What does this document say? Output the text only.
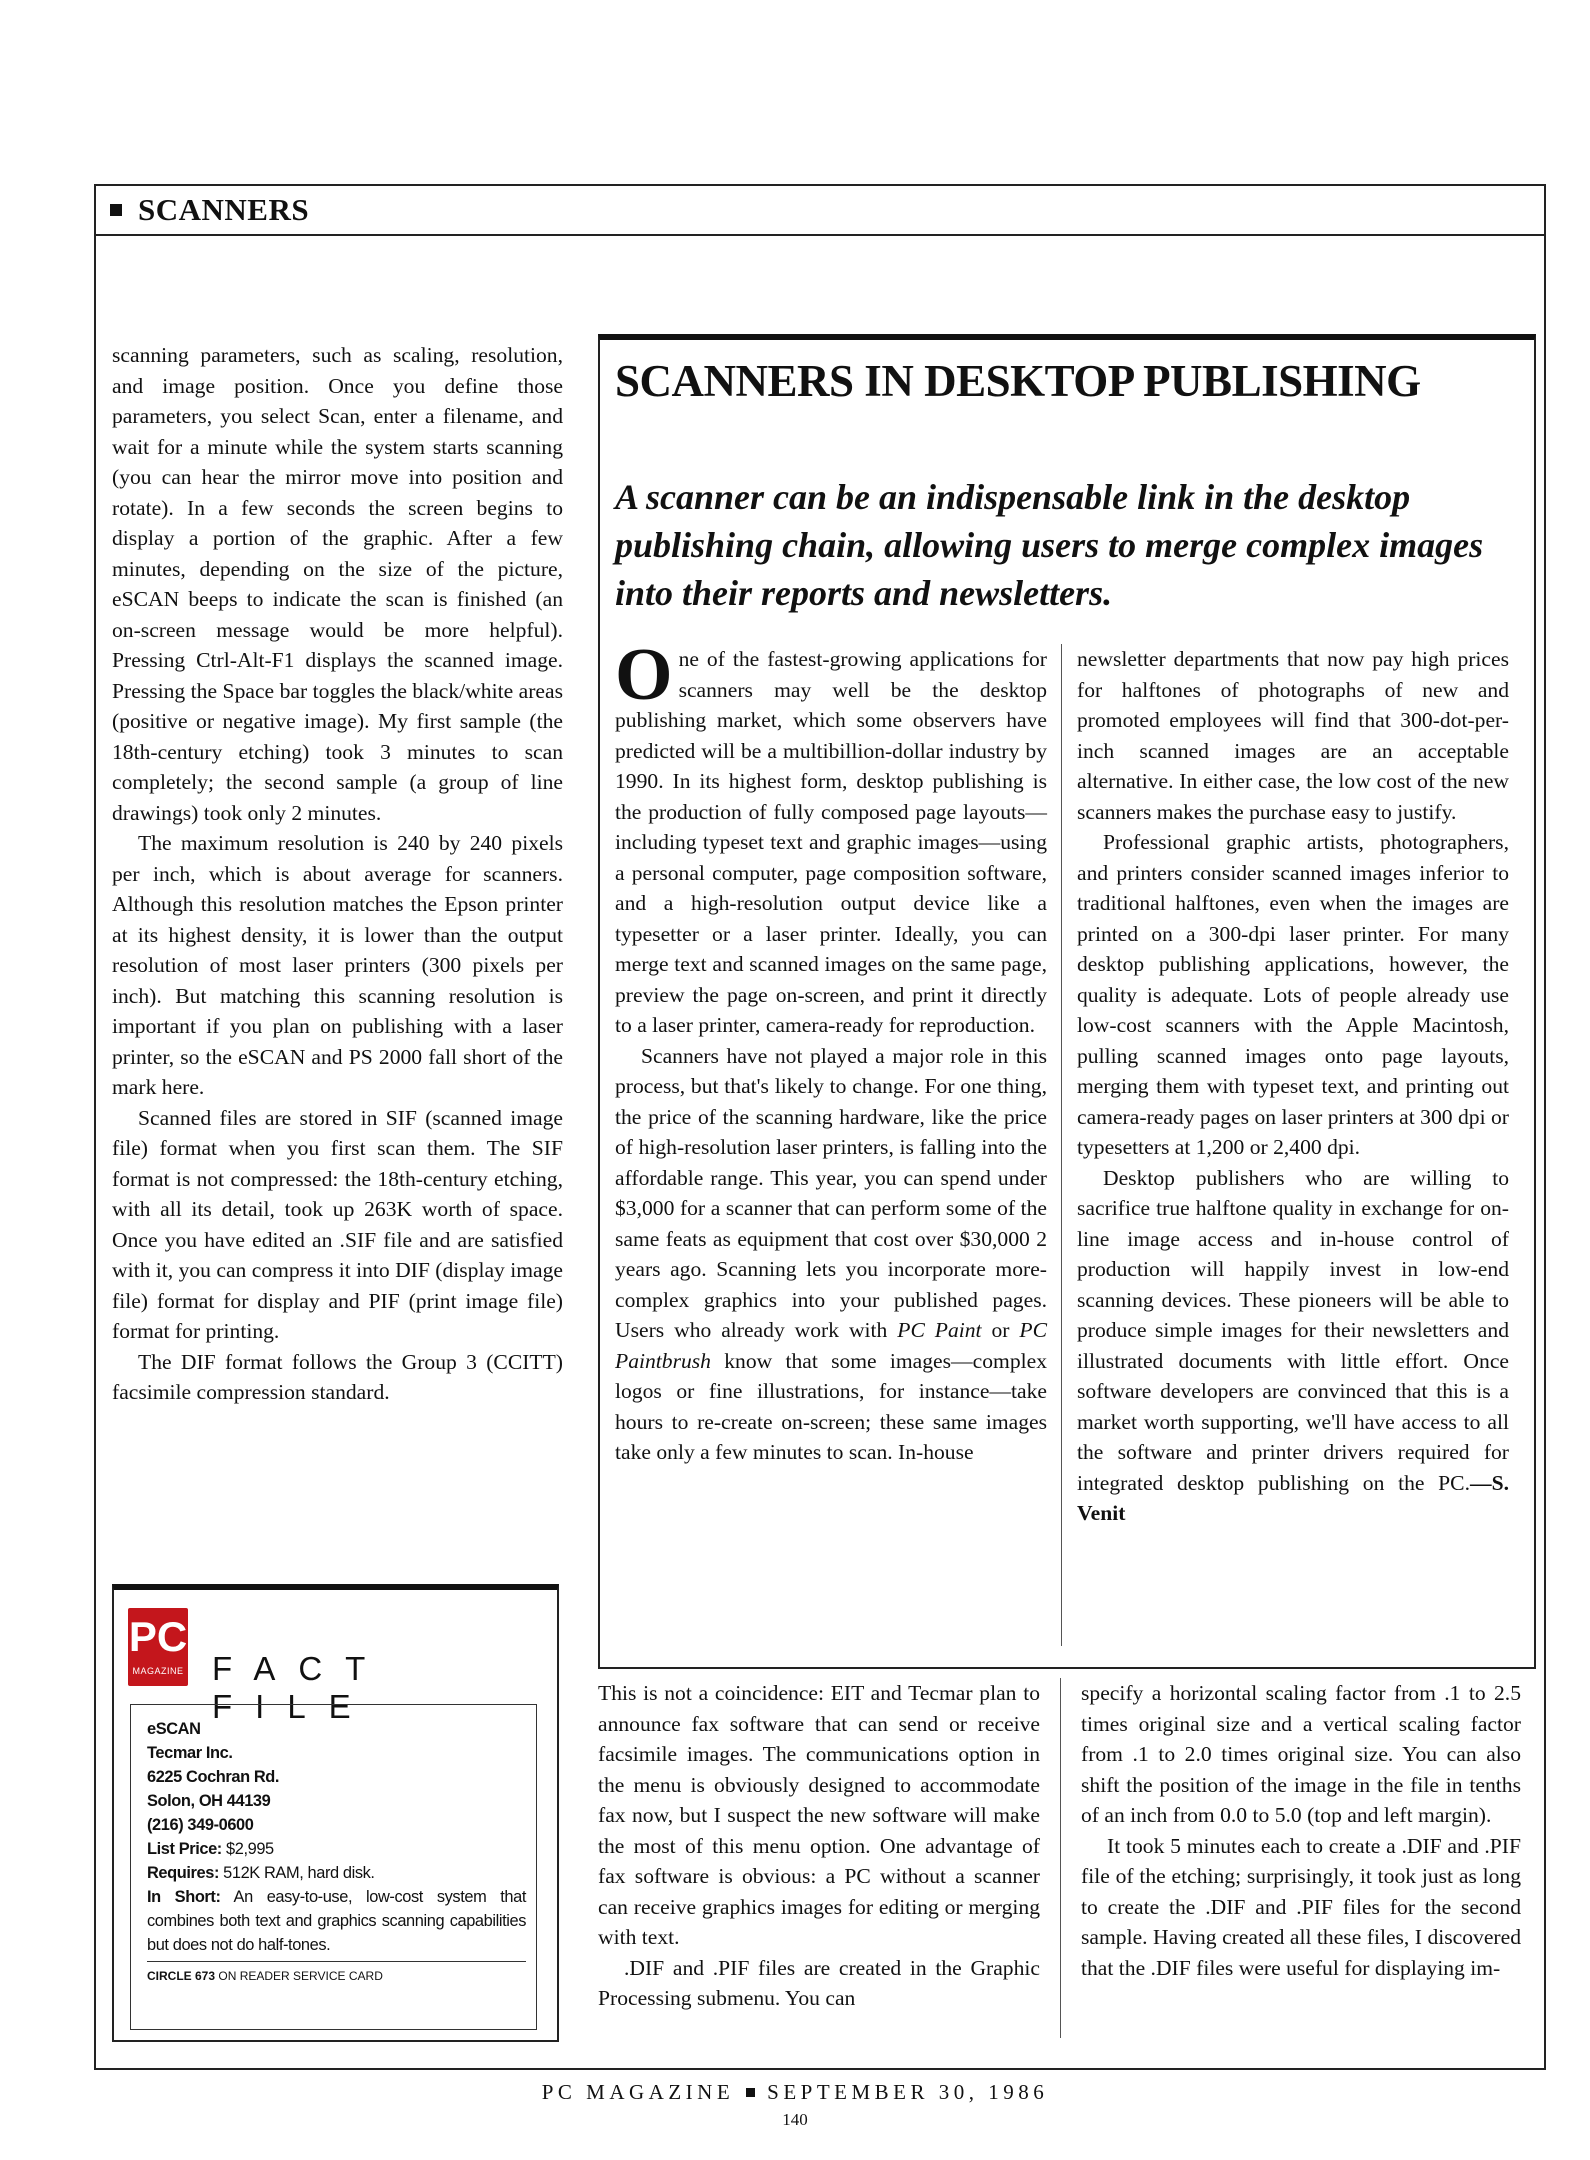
SCANNERS

scanning parameters, such as scaling, resolution, and image position. Once you define those parameters, you select Scan, enter a filename, and wait for a minute while the system starts scanning (you can hear the mirror move into position and rotate). In a few seconds the screen begins to display a portion of the graphic. After a few minutes, depending on the size of the picture, eSCAN beeps to indicate the scan is finished (an on-screen message would be more helpful). Pressing Ctrl-Alt-F1 displays the scanned image. Pressing the Space bar toggles the black/white areas (positive or negative image). My first sample (the 18th-century etching) took 3 minutes to scan completely; the second sample (a group of line drawings) took only 2 minutes.

The maximum resolution is 240 by 240 pixels per inch, which is about average for scanners. Although this resolution matches the Epson printer at its highest density, it is lower than the output resolution of most laser printers (300 pixels per inch). But matching this scanning resolution is important if you plan on publishing with a laser printer, so the eSCAN and PS 2000 fall short of the mark here.

Scanned files are stored in SIF (scanned image file) format when you first scan them. The SIF format is not compressed: the 18th-century etching, with all its detail, took up 263K worth of space. Once you have edited an .SIF file and are satisfied with it, you can compress it into DIF (display image file) format for display and PIF (print image file) format for printing.

The DIF format follows the Group 3 (CCITT) facsimile compression standard.

SCANNERS IN DESKTOP PUBLISHING
A scanner can be an indispensable link in the desktop publishing chain, allowing users to merge complex images into their reports and newsletters.

One of the fastest-growing applications for scanners may well be the desktop publishing market, which some observers have predicted will be a multibillion-dollar industry by 1990. In its highest form, desktop publishing is the production of fully composed page layouts—including typeset text and graphic images—using a personal computer, page composition software, and a high-resolution output device like a typesetter or a laser printer. Ideally, you can merge text and scanned images on the same page, preview the page on-screen, and print it directly to a laser printer, camera-ready for reproduction.

Scanners have not played a major role in this process, but that's likely to change. For one thing, the price of the scanning hardware, like the price of high-resolution laser printers, is falling into the affordable range. This year, you can spend under $3,000 for a scanner that can perform some of the same feats as equipment that cost over $30,000 2 years ago. Scanning lets you incorporate more-complex graphics into your published pages. Users who already work with PC Paint or PC Paintbrush know that some images—complex logos or fine illustrations, for instance—take hours to re-create on-screen; these same images take only a few minutes to scan. In-house

newsletter departments that now pay high prices for halftones of photographs of new and promoted employees will find that 300-dot-per-inch scanned images are an acceptable alternative. In either case, the low cost of the new scanners makes the purchase easy to justify.

Professional graphic artists, photographers, and printers consider scanned images inferior to traditional halftones, even when the images are printed on a 300-dpi laser printer. For many desktop publishing applications, however, the quality is adequate. Lots of people already use low-cost scanners with the Apple Macintosh, pulling scanned images onto page layouts, merging them with typeset text, and printing out camera-ready pages on laser printers at 300 dpi or typesetters at 1,200 or 2,400 dpi.

Desktop publishers who are willing to sacrifice true halftone quality in exchange for on-line image access and in-house control of production will happily invest in low-end scanning devices. These pioneers will be able to produce simple images for their newsletters and illustrated documents with little effort. Once software developers are convinced that this is a market worth supporting, we'll have access to all the software and printer drivers required for integrated desktop publishing on the PC.—S. Venit

PC
MAGAZINE FACT FILE
eSCAN
Tecmar Inc.
6225 Cochran Rd.
Solon, OH 44139
(216) 349-0600
List Price: $2,995
Requires: 512K RAM, hard disk.
In Short: An easy-to-use, low-cost system that combines both text and graphics scanning capabilities but does not do half-tones.
CIRCLE 673 ON READER SERVICE CARD

This is not a coincidence: EIT and Tecmar plan to announce fax software that can send or receive facsimile images. The communications option in the menu is obviously designed to accommodate fax now, but I suspect the new software will make the most of this menu option. One advantage of fax software is obvious: a PC without a scanner can receive graphics images for editing or merging with text.

.DIF and .PIF files are created in the Graphic Processing submenu. You can

specify a horizontal scaling factor from .1 to 2.5 times original size and a vertical scaling factor from .1 to 2.0 times original size. You can also shift the position of the image in the file in tenths of an inch from 0.0 to 5.0 (top and left margin).

It took 5 minutes each to create a .DIF and .PIF file of the etching; surprisingly, it took just as long to create the .DIF and .PIF files for the second sample. Having created all these files, I discovered that the .DIF files were useful for displaying im-

PC MAGAZINE SEPTEMBER 30, 1986
140
